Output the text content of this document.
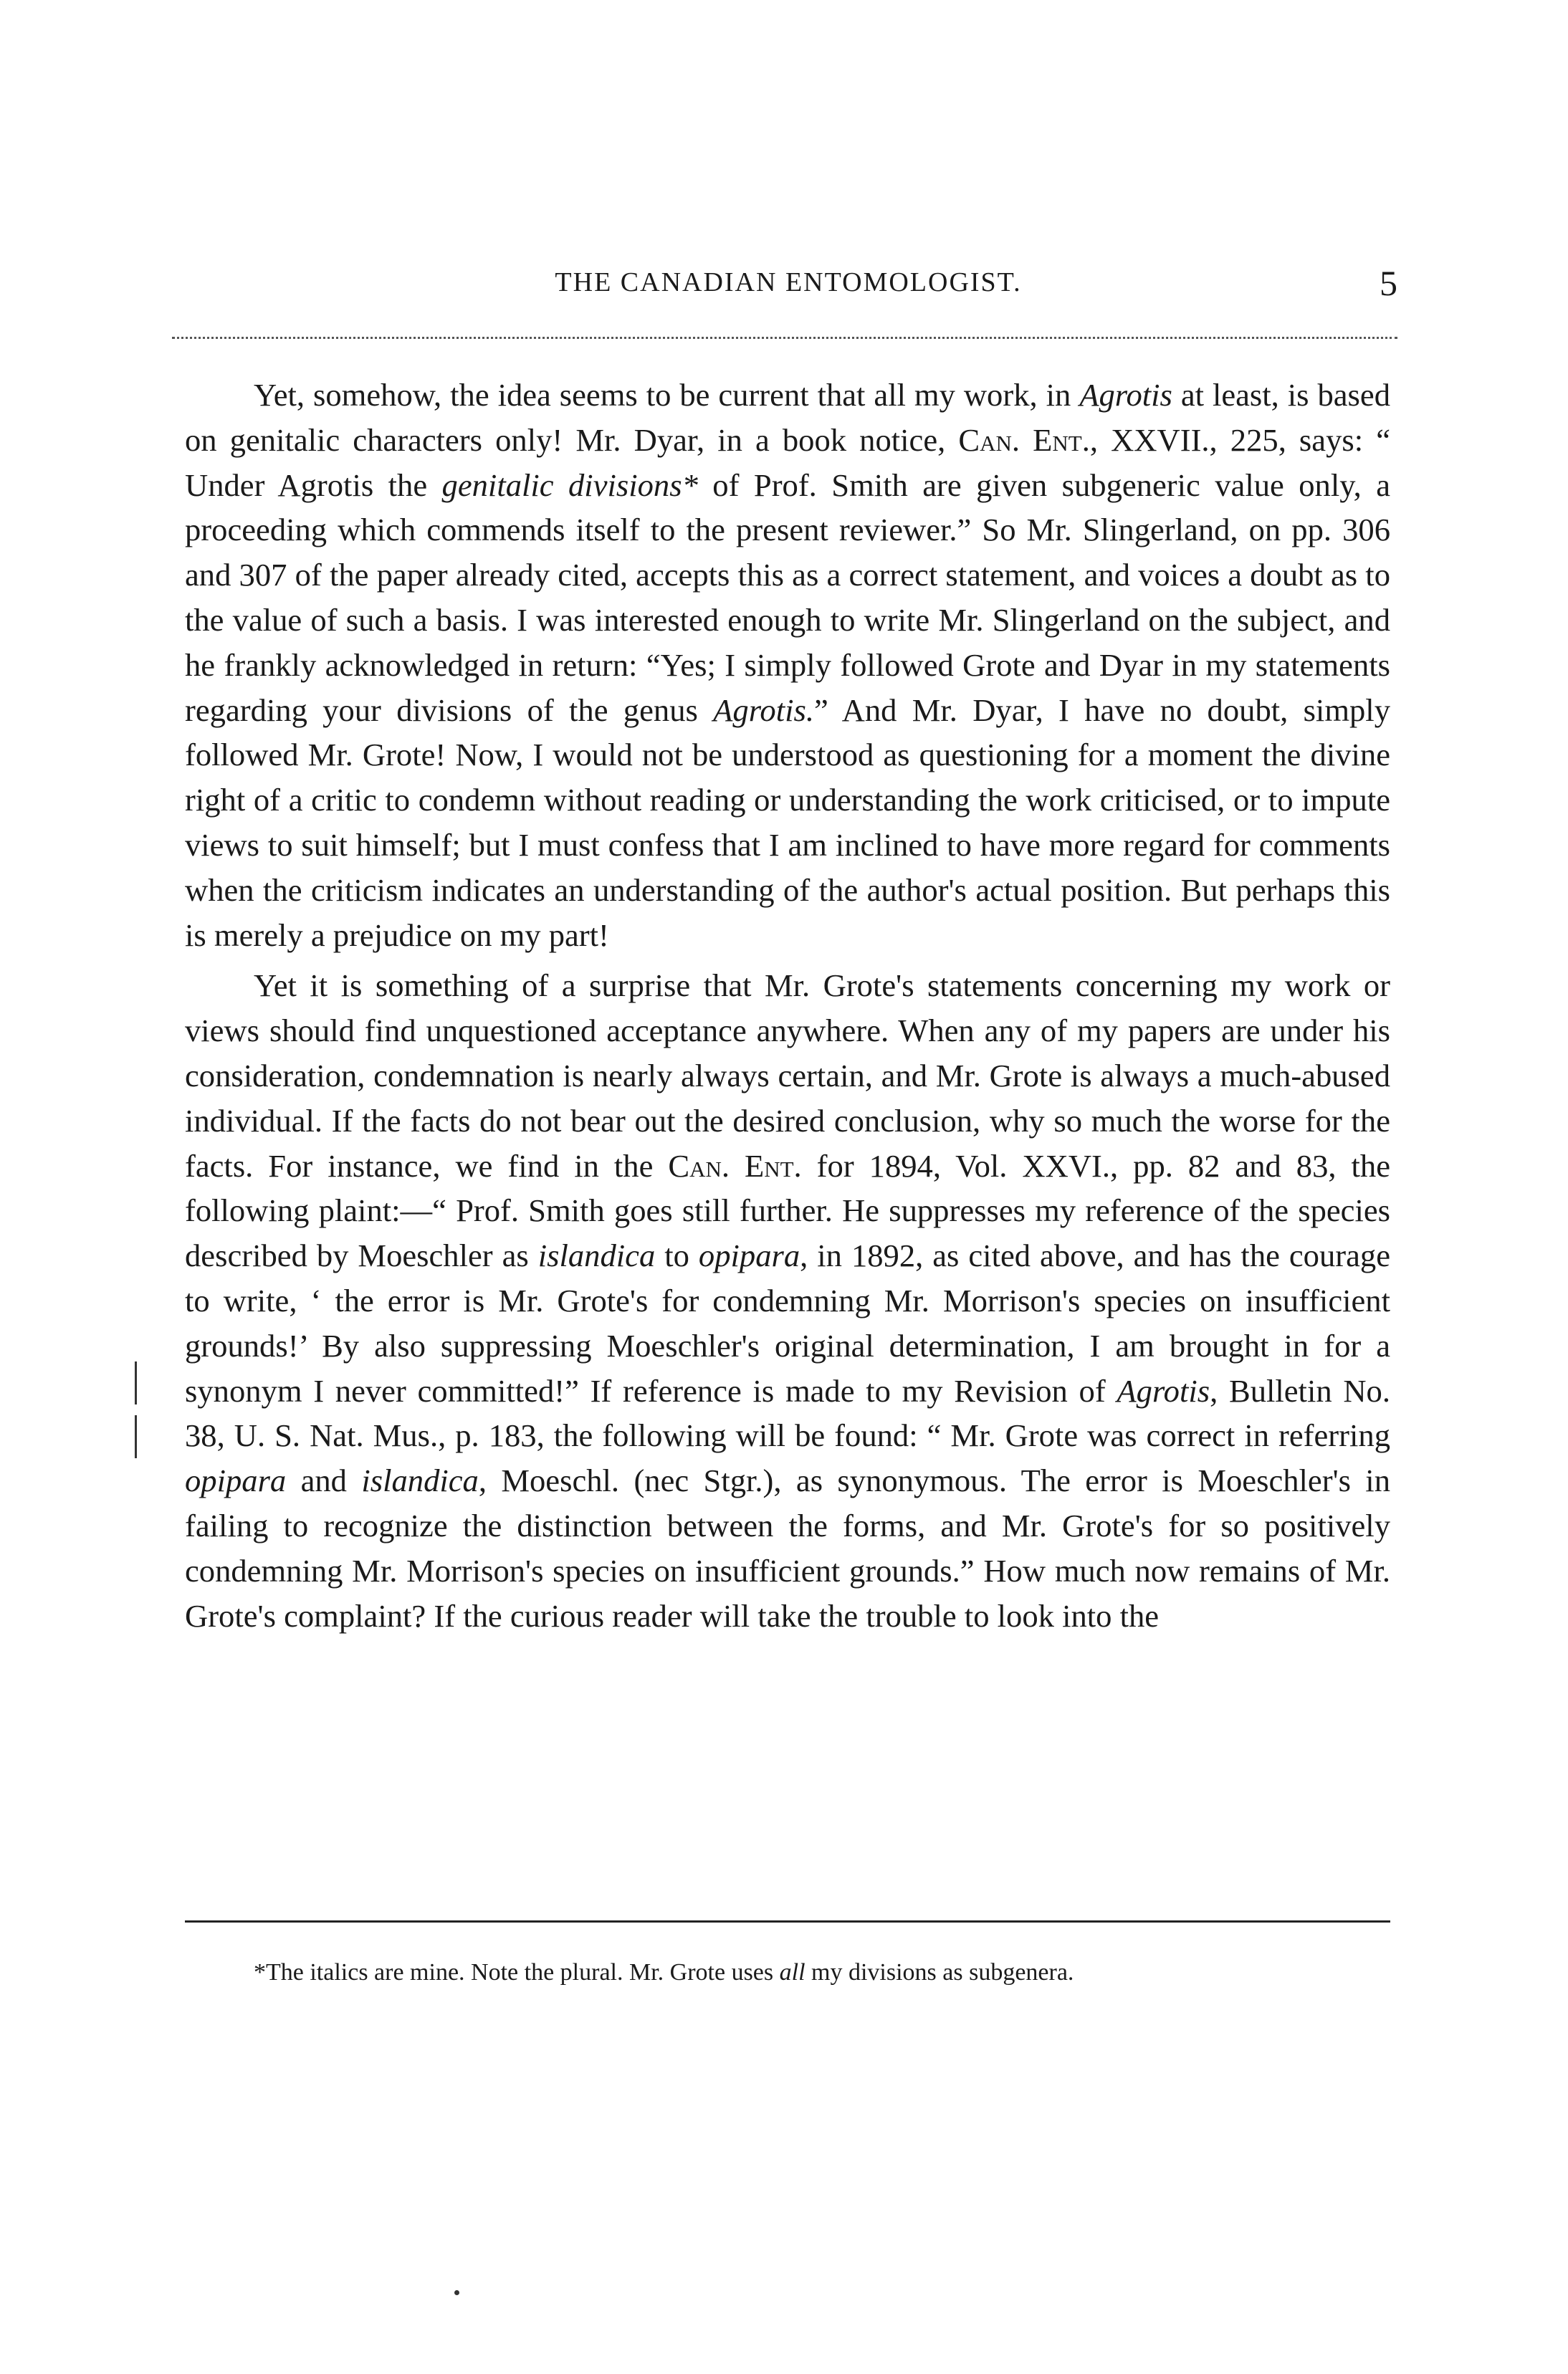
THE CANADIAN ENTOMOLOGIST.	5

Yet, somehow, the idea seems to be current that all my work, in Agrotis at least, is based on genitalic characters only! Mr. Dyar, in a book notice, Can. Ent., XXVII., 225, says: “ Under Agrotis the genitalic divisions* of Prof. Smith are given subgeneric value only, a proceeding which commends itself to the present reviewer.” So Mr. Slingerland, on pp. 306 and 307 of the paper already cited, accepts this as a correct statement, and voices a doubt as to the value of such a basis. I was interested enough to write Mr. Slingerland on the subject, and he frankly acknowledged in return: “Yes; I simply followed Grote and Dyar in my statements regarding your divisions of the genus Agrotis.” And Mr. Dyar, I have no doubt, simply followed Mr. Grote! Now, I would not be understood as questioning for a moment the divine right of a critic to condemn without reading or understanding the work criticised, or to impute views to suit himself; but I must confess that I am inclined to have more regard for comments when the criticism indicates an understanding of the author's actual position. But perhaps this is merely a prejudice on my part!

Yet it is something of a surprise that Mr. Grote's statements concerning my work or views should find unquestioned acceptance anywhere. When any of my papers are under his consideration, condemnation is nearly always certain, and Mr. Grote is always a much-abused individual. If the facts do not bear out the desired conclusion, why so much the worse for the facts. For instance, we find in the Can. Ent. for 1894, Vol. XXVI., pp. 82 and 83, the following plaint:—“ Prof. Smith goes still further. He suppresses my reference of the species described by Moeschler as islandica to opipara, in 1892, as cited above, and has the courage to write, ‘ the error is Mr. Grote's for condemning Mr. Morrison's species on insufficient grounds!’ By also suppressing Moeschler's original determination, I am brought in for a synonym I never committed!” If reference is made to my Revision of Agrotis, Bulletin No. 38, U. S. Nat. Mus., p. 183, the following will be found: “ Mr. Grote was correct in referring opipara and islandica, Moeschl. (nec Stgr.), as synonymous. The error is Moeschler's in failing to recognize the distinction between the forms, and Mr. Grote's for so positively condemning Mr. Morrison's species on insufficient grounds.” How much now remains of Mr. Grote's complaint? If the curious reader will take the trouble to look into the

*The italics are mine. Note the plural. Mr. Grote uses all my divisions as subgenera.
